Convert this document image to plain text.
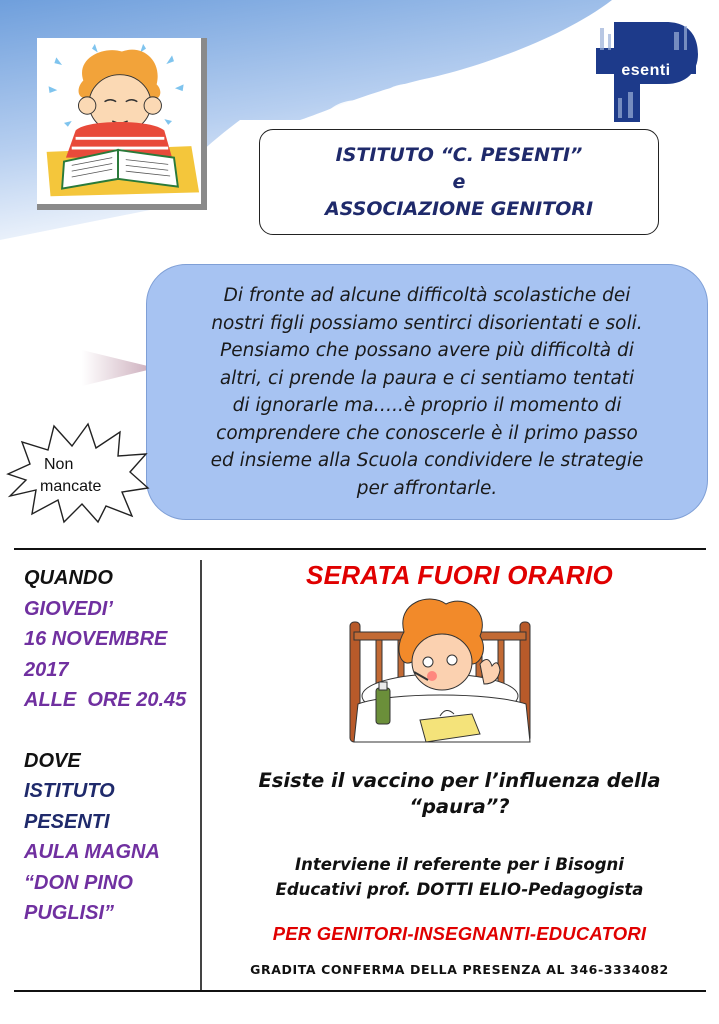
esenti
ISTITUTO “C. PESENTI”
e
ASSOCIAZIONE GENITORI
Di fronte ad alcune difficoltà scolastiche dei
nostri figli possiamo sentirci disorientati e soli.
Pensiamo che possano avere più difficoltà di
altri, ci prende la paura e ci sentiamo tentati
di ignorarle ma…..è proprio il momento di
comprendere che conoscerle è il primo passo
ed insieme alla Scuola condividere le strategie
per affrontarle.
Non
mancate
QUANDO
GIOVEDI’
16 NOVEMBRE
2017
ALLE  ORE 20.45
DOVE
ISTITUTO
PESENTI
AULA MAGNA
“DON PINO
PUGLISI”
SERATA FUORI ORARIO
Esiste il vaccino per l’influenza della
“paura”?
Interviene il referente per i Bisogni
Educativi prof. DOTTI ELIO-Pedagogista
PER GENITORI-INSEGNANTI-EDUCATORI
GRADITA CONFERMA DELLA PRESENZA AL 346-3334082
